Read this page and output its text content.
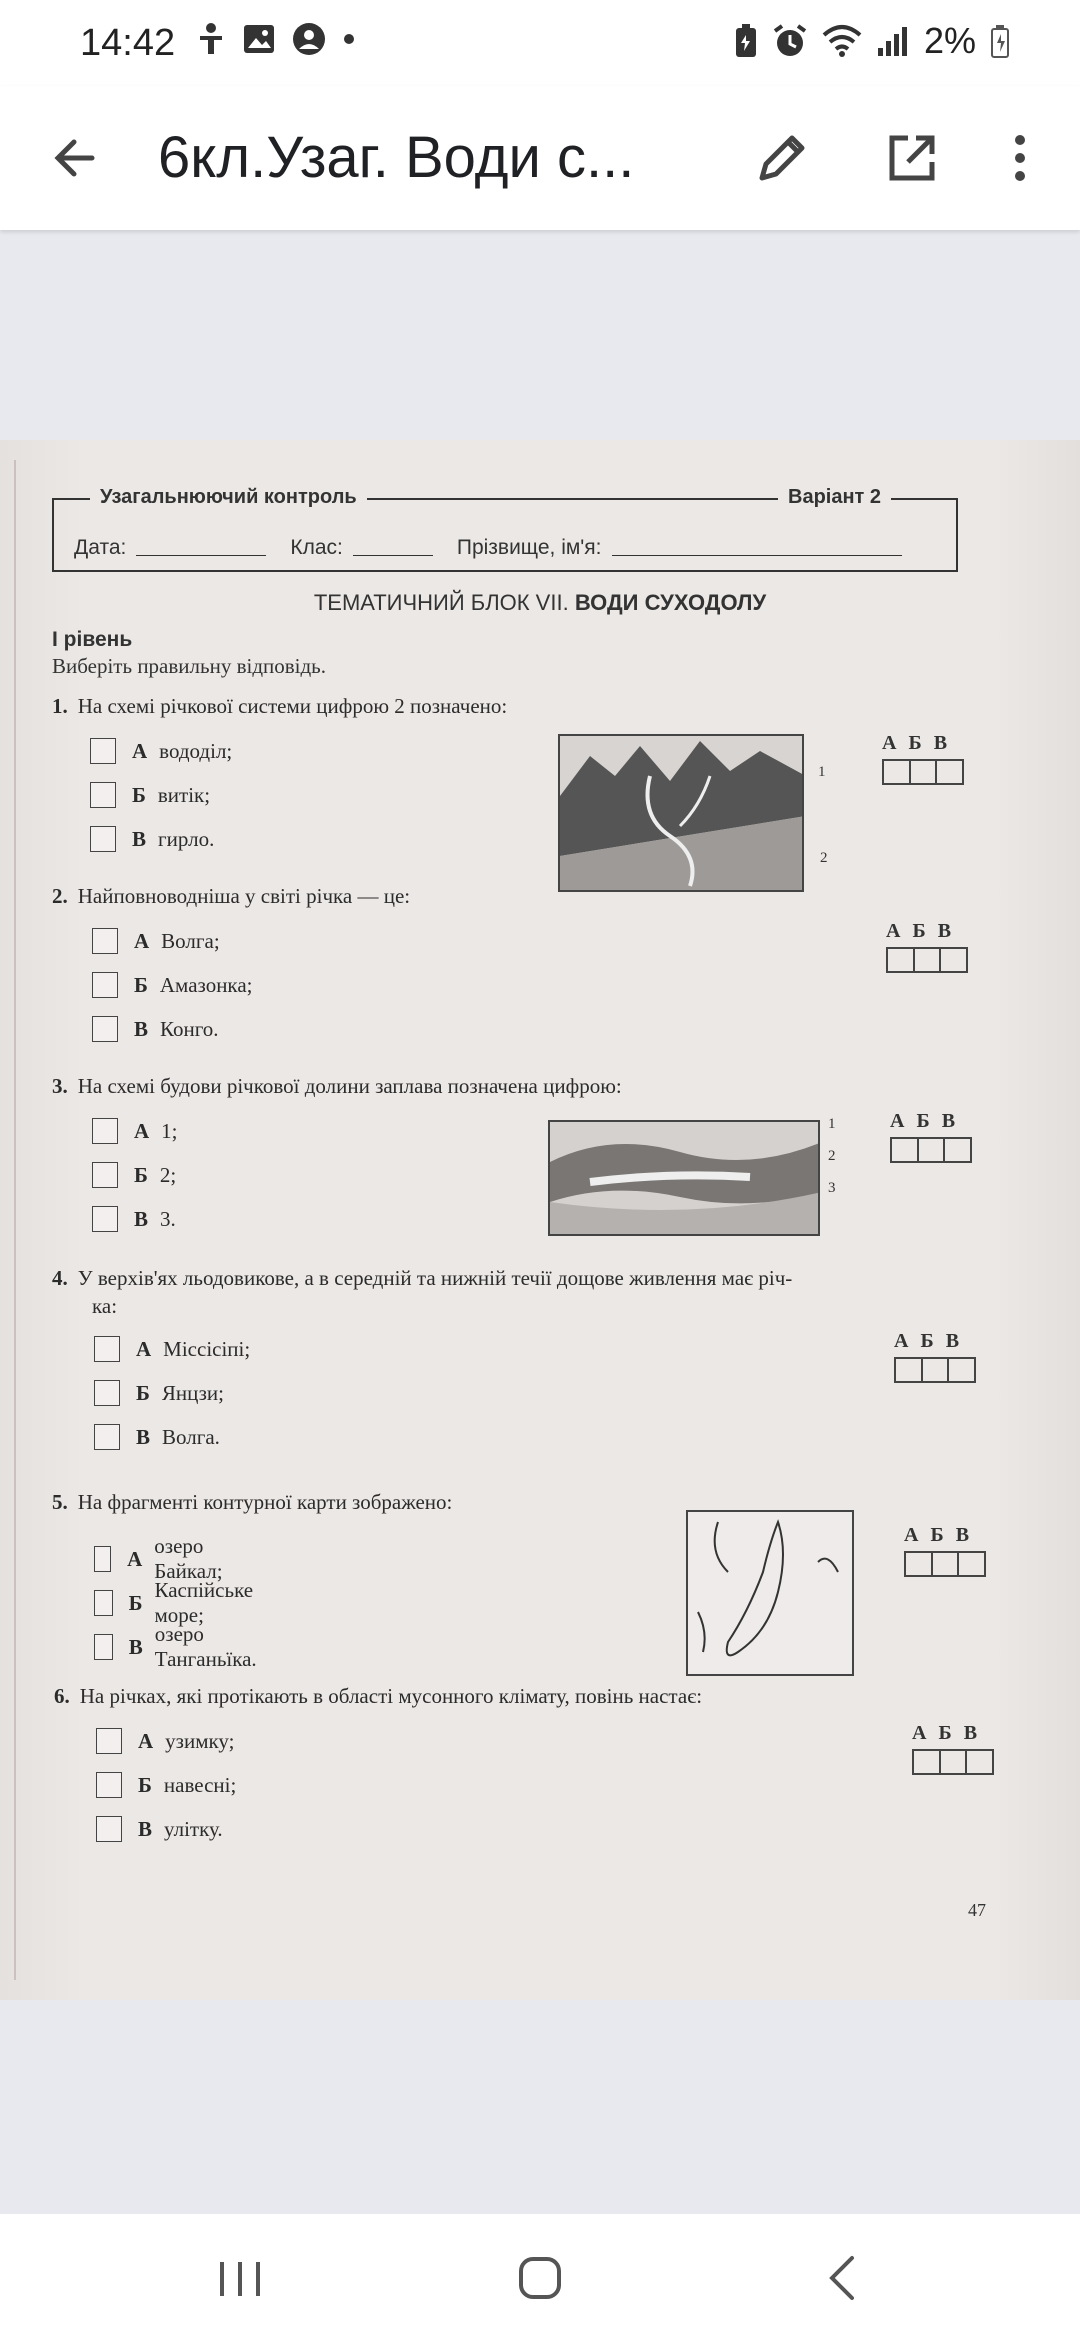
14:42	2%
6кл.Узаг. Води с...
Узагальнюючий контроль	Варіант 2
Дата:	Клас:	Прізвище, ім'я:
ТЕМАТИЧНИЙ БЛОК VII. ВОДИ СУХОДОЛУ
I рівень
Виберіть правильну відповідь.
1. На схемі річкової системи цифрою 2 позначено:
А вододіл;
Б витік;
В гирло.
1
2
А Б В
2. Найповноводніша у світі річка — це:
А Волга;
Б Амазонка;
В Конго.
А Б В
3. На схемі будови річкової долини заплава позначена цифрою:
А 1;
Б 2;
В 3.
1
2
3
А Б В
4. У верхів'ях льодовикове, а в середній та нижній течії дощове живлення має річ-
ка:
А Міссісіпі;
Б Янцзи;
В Волга.
А Б В
5. На фрагменті контурної карти зображено:
А
озеро Байкал;
Б
Каспійське море;
В
озеро Танганьїка.
А Б В
6. На річках, які протікають в області мусонного клімату, повінь настає:
А узимку;
Б навесні;
В улітку.
А Б В
47
